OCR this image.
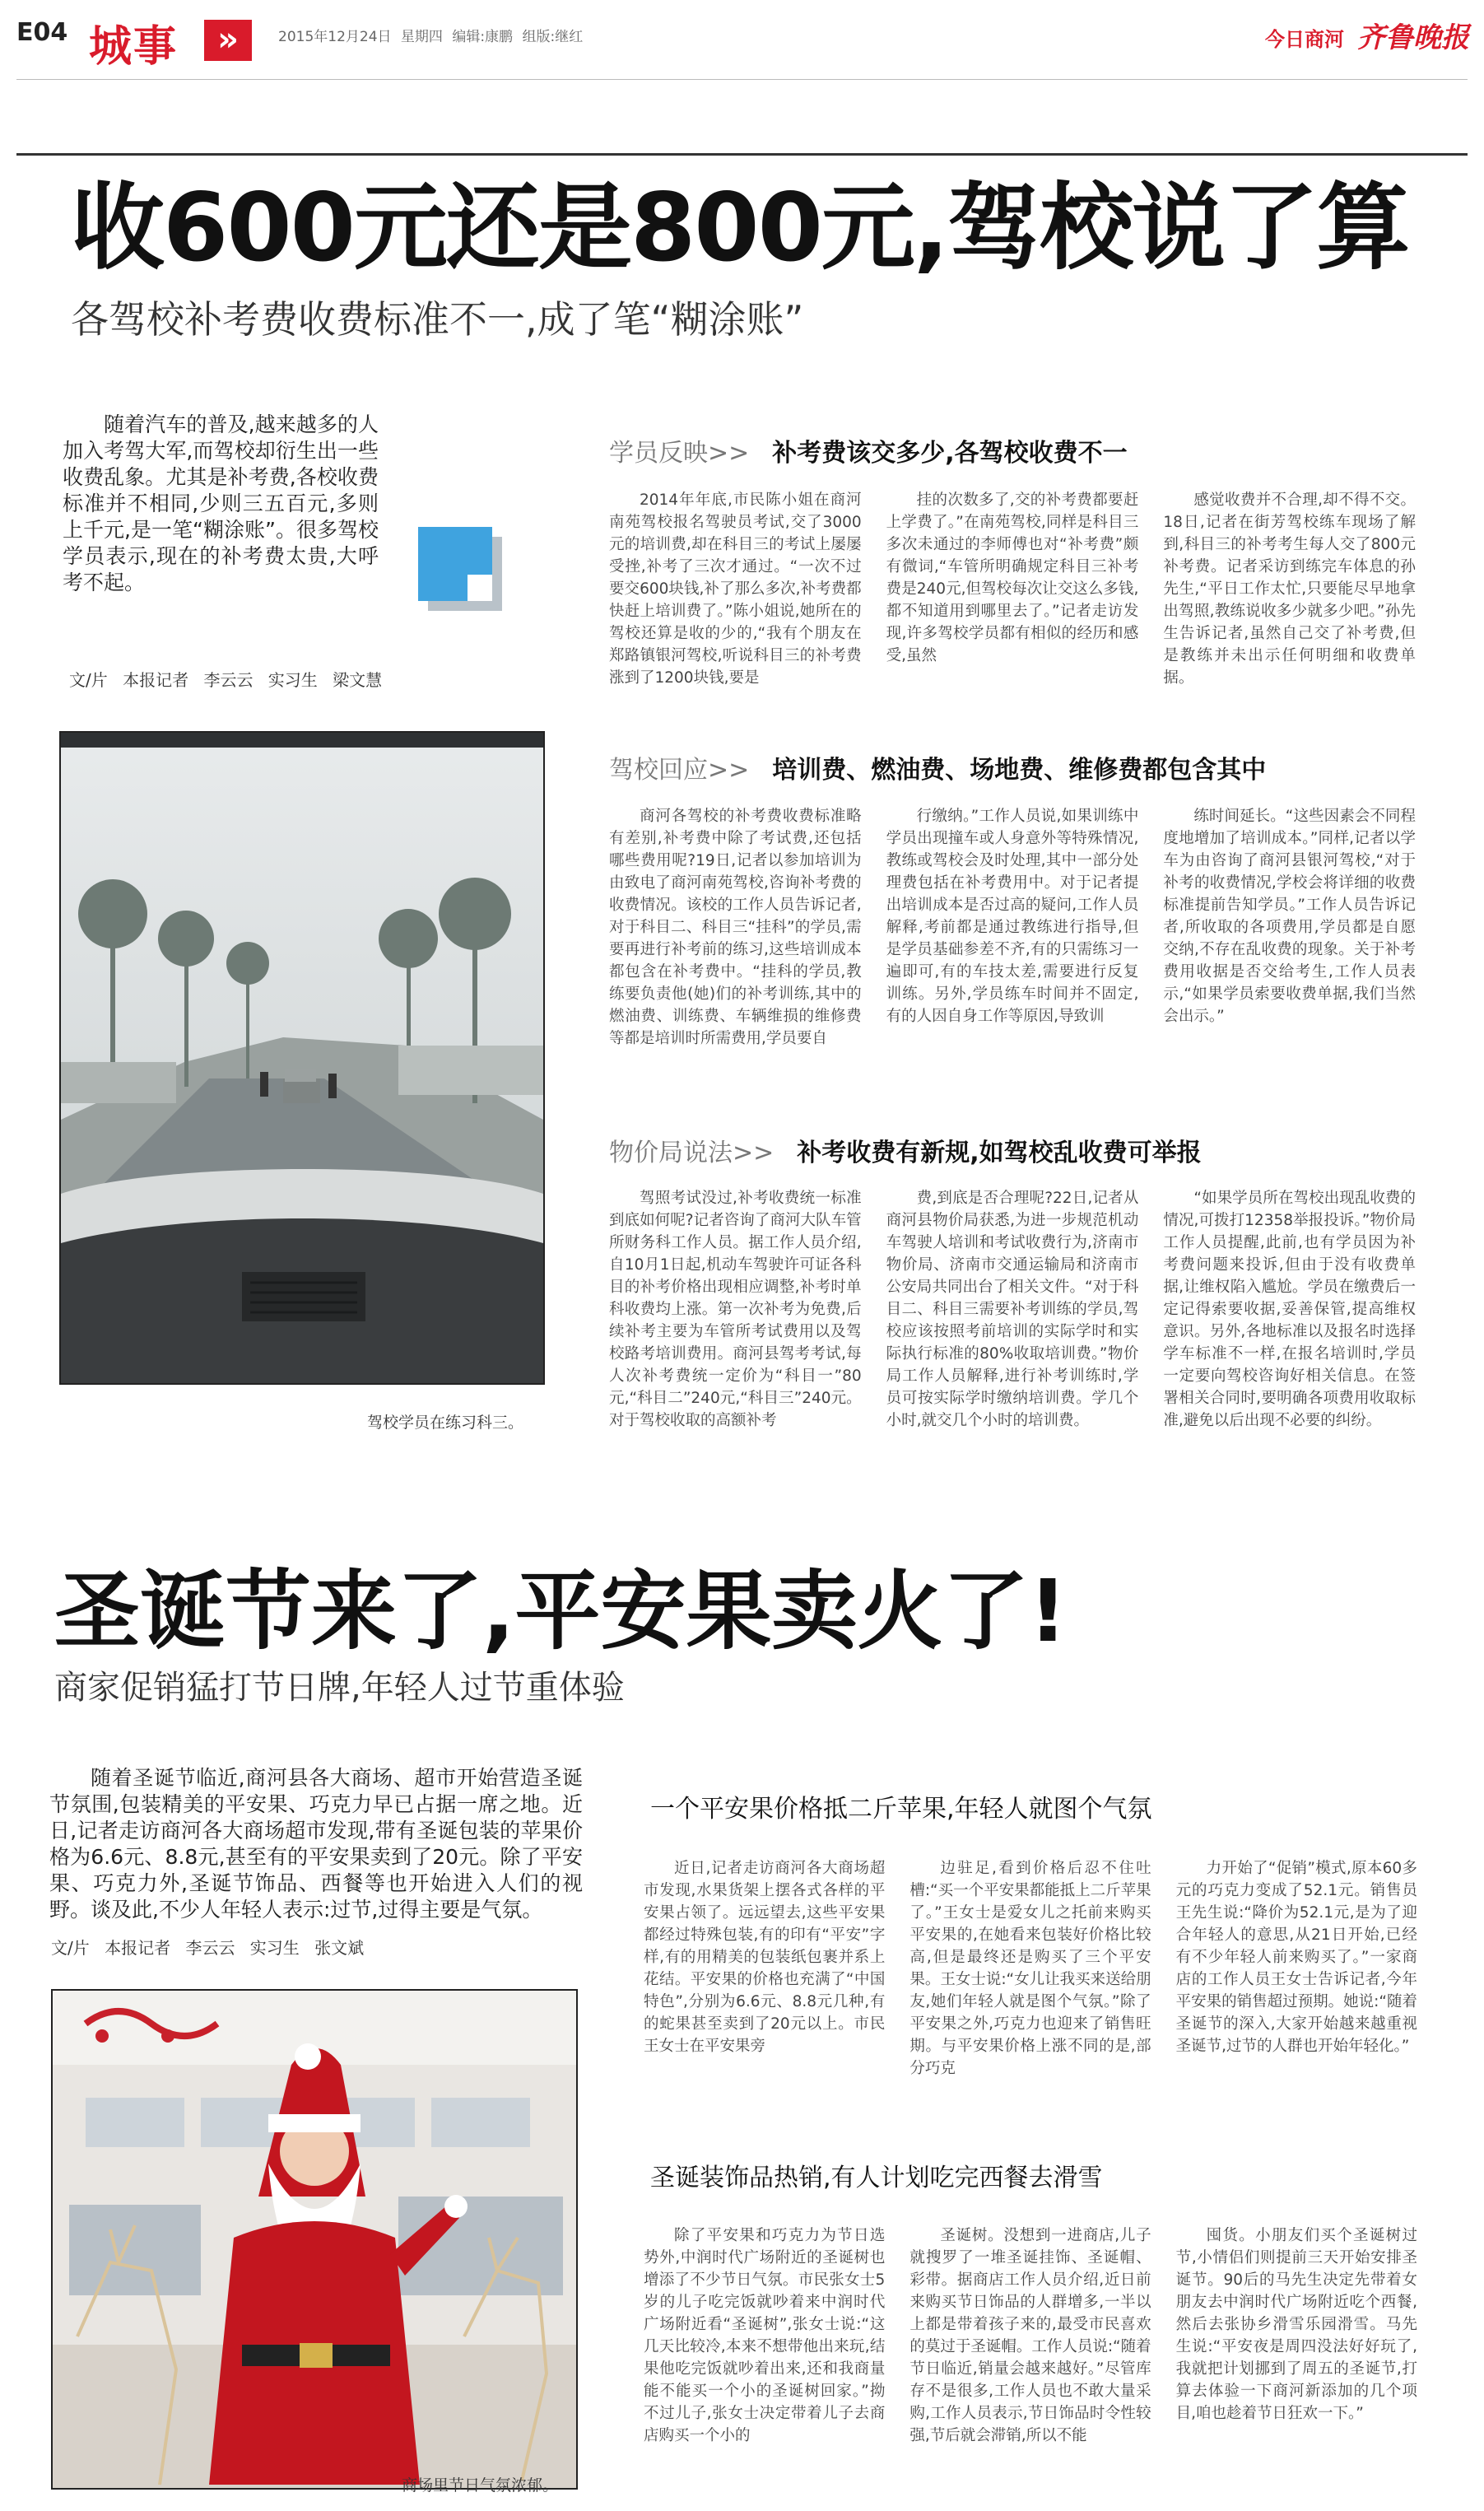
E04 城事	»	2015年12月24日 星期四 编辑:康鹏 组版:继红	今日商河 齐鲁晚报
收600元还是800元,驾校说了算
各驾校补考费收费标准不一,成了笔“糊涂账”
随着汽车的普及,越来越多的人加入考驾大军,而驾校却衍生出一些收费乱象。尤其是补考费,各校收费标准并不相同,少则三五百元,多则上千元,是一笔“糊涂账”。很多驾校学员表示,现在的补考费太贵,大呼考不起。
文/片 本报记者 李云云 实习生 梁文慧
驾校学员在练习科三。
学员反映>> 补考费该交多少,各驾校收费不一

2014年年底,市民陈小姐在商河南苑驾校报名驾驶员考试,交了3000元的培训费,却在科目三的考试上屡屡受挫,补考了三次才通过。“一次不过要交600块钱,补了那么多次,补考费都快赶上培训费了。”陈小姐说,她所在的驾校还算是收的少的,“我有个朋友在郑路镇银河驾校,听说科目三的补考费涨到了1200块钱,要是

挂的次数多了,交的补考费都要赶上学费了。”在南苑驾校,同样是科目三多次未通过的李师傅也对“补考费”颇有微词,“车管所明确规定科目三补考费是240元,但驾校每次让交这么多钱,都不知道用到哪里去了。”记者走访发现,许多驾校学员都有相似的经历和感受,虽然

感觉收费并不合理,却不得不交。18日,记者在街芳驾校练车现场了解到,科目三的补考考生每人交了800元补考费。记者采访到练完车体息的孙先生,“平日工作太忙,只要能尽早地拿出驾照,教练说收多少就多少吧。”孙先生告诉记者,虽然自己交了补考费,但是教练并未出示任何明细和收费单据。

驾校回应>> 培训费、燃油费、场地费、维修费都包含其中

商河各驾校的补考费收费标准略有差别,补考费中除了考试费,还包括哪些费用呢?19日,记者以参加培训为由致电了商河南苑驾校,咨询补考费的收费情况。该校的工作人员告诉记者,对于科目二、科目三“挂科”的学员,需要再进行补考前的练习,这些培训成本都包含在补考费中。“挂科的学员,教练要负责他(她)们的补考训练,其中的燃油费、训练费、车辆维损的维修费等都是培训时所需费用,学员要自

行缴纳。”工作人员说,如果训练中学员出现撞车或人身意外等特殊情况,教练或驾校会及时处理,其中一部分处理费包括在补考费用中。对于记者提出培训成本是否过高的疑问,工作人员解释,考前都是通过教练进行指导,但是学员基础参差不齐,有的只需练习一遍即可,有的车技太差,需要进行反复训练。另外,学员练车时间并不固定,有的人因自身工作等原因,导致训

练时间延长。“这些因素会不同程度地增加了培训成本。”同样,记者以学车为由咨询了商河县银河驾校,“对于补考的收费情况,学校会将详细的收费标准提前告知学员。”工作人员告诉记者,所收取的各项费用,学员都是自愿交纳,不存在乱收费的现象。关于补考费用收据是否交给考生,工作人员表示,“如果学员索要收费单据,我们当然会出示。”

物价局说法>> 补考收费有新规,如驾校乱收费可举报

驾照考试没过,补考收费统一标准到底如何呢?记者咨询了商河大队车管所财务科工作人员。据工作人员介绍,自10月1日起,机动车驾驶许可证各科目的补考价格出现相应调整,补考时单科收费均上涨。第一次补考为免费,后续补考主要为车管所考试费用以及驾校路考培训费用。商河县驾考考试,每人次补考费统一定价为“科目一”80元,“科目二”240元,“科目三”240元。对于驾校收取的高额补考

费,到底是否合理呢?22日,记者从商河县物价局获悉,为进一步规范机动车驾驶人培训和考试收费行为,济南市物价局、济南市交通运输局和济南市公安局共同出台了相关文件。“对于科目二、科目三需要补考训练的学员,驾校应该按照考前培训的实际学时和实际执行标准的80%收取培训费。”物价局工作人员解释,进行补考训练时,学员可按实际学时缴纳培训费。学几个小时,就交几个小时的培训费。

“如果学员所在驾校出现乱收费的情况,可拨打12358举报投诉。”物价局工作人员提醒,此前,也有学员因为补考费问题来投诉,但由于没有收费单据,让维权陷入尴尬。学员在缴费后一定记得索要收据,妥善保管,提高维权意识。另外,各地标准以及报名时选择学车标准不一样,在报名培训时,学员一定要向驾校咨询好相关信息。在签署相关合同时,要明确各项费用收取标准,避免以后出现不必要的纠纷。

圣诞节来了,平安果卖火了!
商家促销猛打节日牌,年轻人过节重体验
随着圣诞节临近,商河县各大商场、超市开始营造圣诞节氛围,包装精美的平安果、巧克力早已占据一席之地。近日,记者走访商河各大商场超市发现,带有圣诞包装的苹果价格为6.6元、8.8元,甚至有的平安果卖到了20元。除了平安果、巧克力外,圣诞节饰品、西餐等也开始进入人们的视野。谈及此,不少人年轻人表示:过节,过得主要是气氛。
文/片 本报记者 李云云 实习生 张文斌
商场里节日气氛浓郁。
一个平安果价格抵二斤苹果,年轻人就图个气氛

近日,记者走访商河各大商场超市发现,水果货架上摆各式各样的平安果占领了。远远望去,这些平安果都经过特殊包装,有的印有“平安”字样,有的用精美的包装纸包裹并系上花结。平安果的价格也充满了“中国特色”,分别为6.6元、8.8元几种,有的蛇果甚至卖到了20元以上。市民王女士在平安果旁

边驻足,看到价格后忍不住吐槽:“买一个平安果都能抵上二斤苹果了。”王女士是爱女儿之托前来购买平安果的,在她看来包装好价格比较高,但是最终还是购买了三个平安果。王女士说:“女儿让我买来送给朋友,她们年轻人就是图个气氛。”除了平安果之外,巧克力也迎来了销售旺期。与平安果价格上涨不同的是,部分巧克

力开始了“促销”模式,原本60多元的巧克力变成了52.1元。销售员王先生说:“降价为52.1元,是为了迎合年轻人的意思,从21日开始,已经有不少年轻人前来购买了。”一家商店的工作人员王女士告诉记者,今年平安果的销售超过预期。她说:“随着圣诞节的深入,大家开始越来越重视圣诞节,过节的人群也开始年轻化。”

圣诞装饰品热销,有人计划吃完西餐去滑雪

除了平安果和巧克力为节日选势外,中润时代广场附近的圣诞树也增添了不少节日气氛。市民张女士5岁的儿子吃完饭就吵着来中润时代广场附近看“圣诞树”,张女士说:“这几天比较冷,本来不想带他出来玩,结果他吃完饭就吵着出来,还和我商量能不能买一个小的圣诞树回家。”拗不过儿子,张女士决定带着儿子去商店购买一个小的

圣诞树。没想到一进商店,儿子就搜罗了一堆圣诞挂饰、圣诞帽、彩带。据商店工作人员介绍,近日前来购买节日饰品的人群增多,一半以上都是带着孩子来的,最受市民喜欢的莫过于圣诞帽。工作人员说:“随着节日临近,销量会越来越好。”尽管库存不是很多,工作人员也不敢大量采购,工作人员表示,节日饰品时令性较强,节后就会滞销,所以不能

囤货。小朋友们买个圣诞树过节,小情侣们则提前三天开始安排圣诞节。90后的马先生决定先带着女朋友去中润时代广场附近吃个西餐,然后去张协乡滑雪乐园滑雪。马先生说:“平安夜是周四没法好好玩了,我就把计划挪到了周五的圣诞节,打算去体验一下商河新添加的几个项目,咱也趁着节日狂欢一下。”
